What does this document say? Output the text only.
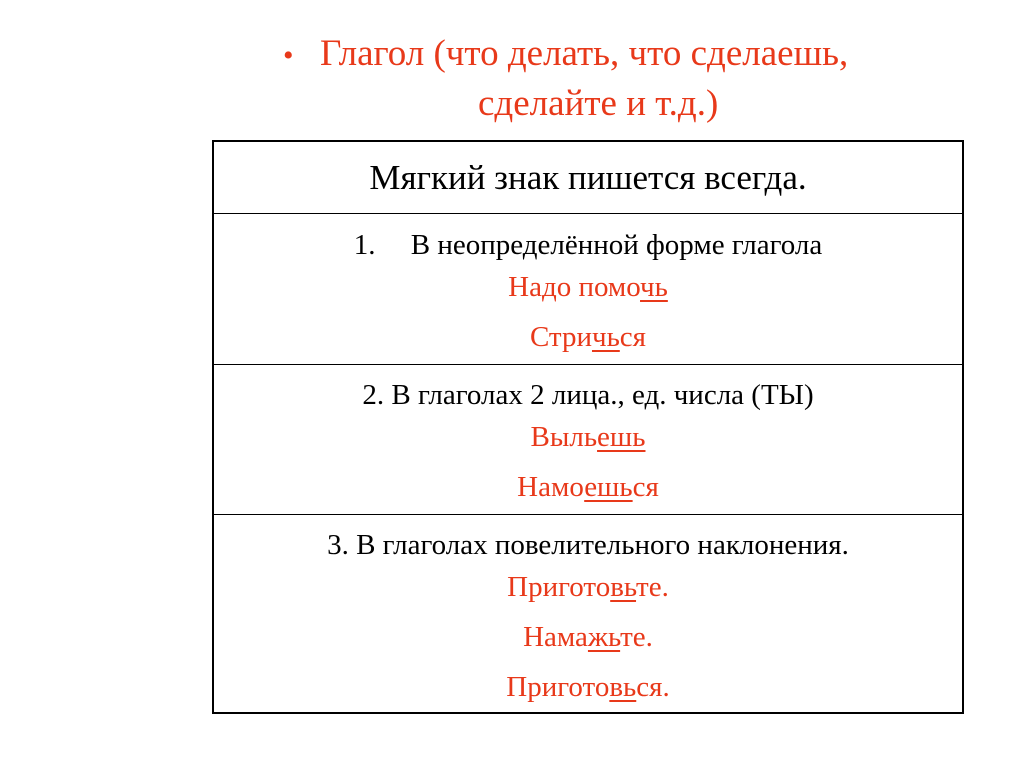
• Глагол (что делать, что сделаешь,
сделайте и т.д.)
Мягкий знак пишется всегда.
1. В неопределённой форме глагола
Надо помочь
Стричься
2. В глаголах 2 лица., ед. числа (ТЫ)
Выльешь
Намоешься
3. В глаголах повелительного наклонения.
Приготовьте.
Намажьте.
Приготовься.
